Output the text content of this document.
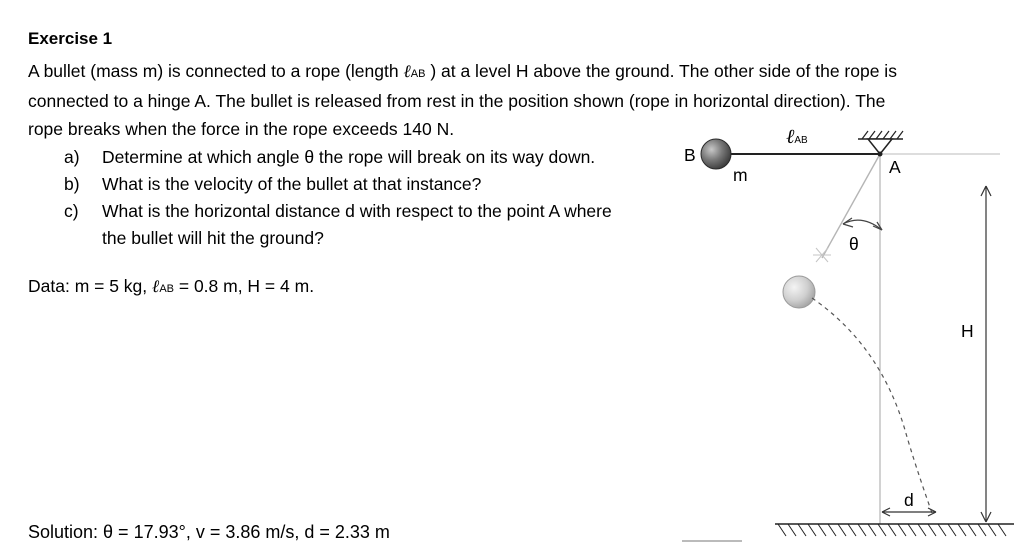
Exercise 1
A bullet (mass m) is connected to a rope (length ℓAB ) at a level H above the ground. The other side of the rope is
connected to a hinge A. The bullet is released from rest in the position shown (rope in horizontal direction). The
rope breaks when the force in the rope exceeds 140 N.
a) Determine at which angle θ the rope will break on its way down.
b) What is the velocity of the bullet at that instance?
c) What is the horizontal distance d with respect to the point A where
the bullet will hit the ground?
Data: m = 5 kg, ℓAB = 0.8 m, H = 4 m.
Solution: θ = 17.93°, v = 3.86 m/s, d = 2.33 m
B
m	A
θ
H
d
ℓAB
